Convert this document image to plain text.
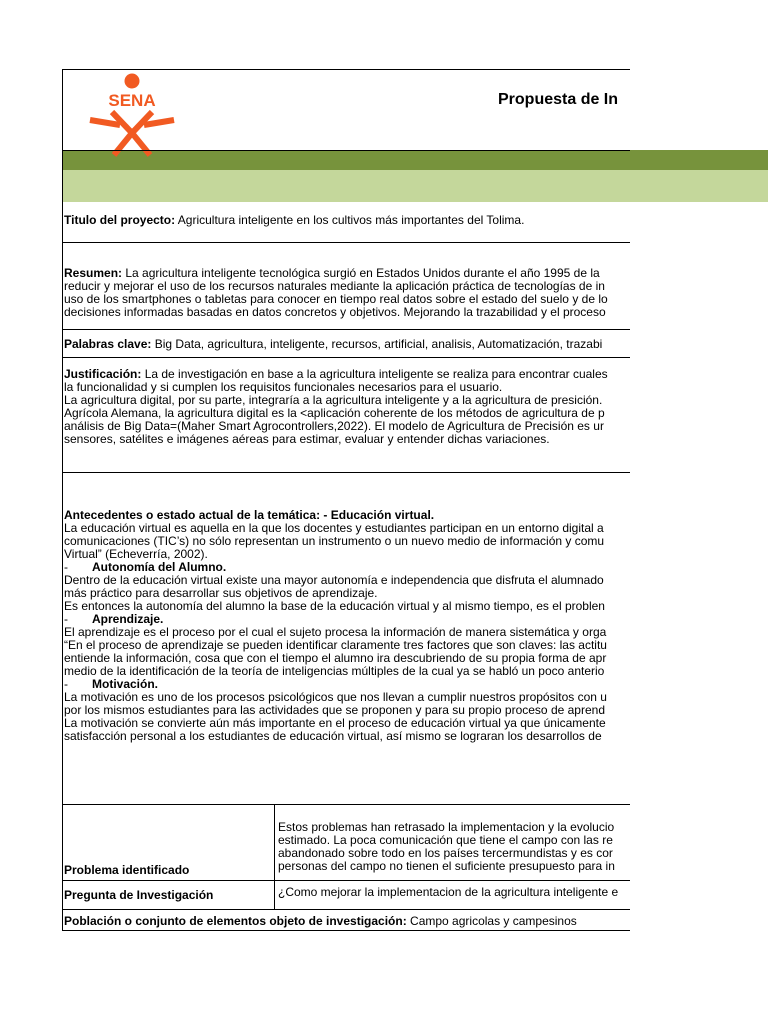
SENA	Propuesta de In
Titulo del proyecto: Agricultura inteligente en los cultivos más importantes del Tolima.
Resumen: La agricultura inteligente tecnológica surgió en Estados Unidos durante el año 1995 de la
reducir y mejorar el uso de los recursos naturales mediante la aplicación práctica de tecnologías de in
uso de los smartphones o tabletas para conocer en tiempo real datos sobre el estado del suelo y de lo
decisiones informadas basadas en datos concretos y objetivos. Mejorando la trazabilidad y el proceso
Palabras clave: Big Data, agricultura, inteligente, recursos, artificial, analisis, Automatización, trazabi
Justificación: La de investigación en base a la agricultura inteligente se realiza para encontrar cuales
la funcionalidad y si cumplen los requisitos funcionales necesarios para el usuario.
La agricultura digital, por su parte, integraría a la agricultura inteligente y a la agricultura de presición.
Agrícola Alemana, la agricultura digital es la <aplicación coherente de los métodos de agricultura de p
análisis de Big Data=(Maher Smart Agrocontrollers,2022). El modelo de Agricultura de Precisión es ur
sensores, satélites e imágenes aéreas para estimar, evaluar y entender dichas variaciones.
Antecedentes o estado actual de la temática: - Educación virtual.
La educación virtual es aquella en la que los docentes y estudiantes participan en un entorno digital a
comunicaciones (TIC’s) no sólo representan un instrumento o un nuevo medio de información y comu
Virtual” (Echeverría, 2002).
- Autonomía del Alumno.
Dentro de la educación virtual existe una mayor autonomía e independencia que disfruta el alumnado
más práctico para desarrollar sus objetivos de aprendizaje.
Es entonces la autonomía del alumno la base de la educación virtual y al mismo tiempo, es el problen
- Aprendizaje.
El aprendizaje es el proceso por el cual el sujeto procesa la información de manera sistemática y orga
“En el proceso de aprendizaje se pueden identificar claramente tres factores que son claves: las actitu
entiende la información, cosa que con el tiempo el alumno ira descubriendo de su propia forma de apr
medio de la identificación de la teoría de inteligencias múltiples de la cual ya se habló un poco anterio
- Motivación.
La motivación es uno de los procesos psicológicos que nos llevan a cumplir nuestros propósitos con u
por los mismos estudiantes para las actividades que se proponen y para su propio proceso de aprend
La motivación se convierte aún más importante en el proceso de educación virtual ya que únicamente
satisfacción personal a los estudiantes de educación virtual, así mismo se lograran los desarrollos de
Problema identificado
Estos problemas han retrasado la implementacion y la evolucio
estimado. La poca comunicación que tiene el campo con las re
abandonado sobre todo en los países tercermundistas y es cor
personas del campo no tienen el suficiente presupuesto para in
Pregunta de Investigación	¿Como mejorar la implementacion de la agricultura inteligente e
Población o conjunto de elementos objeto de investigación: Campo agricolas y campesinos
